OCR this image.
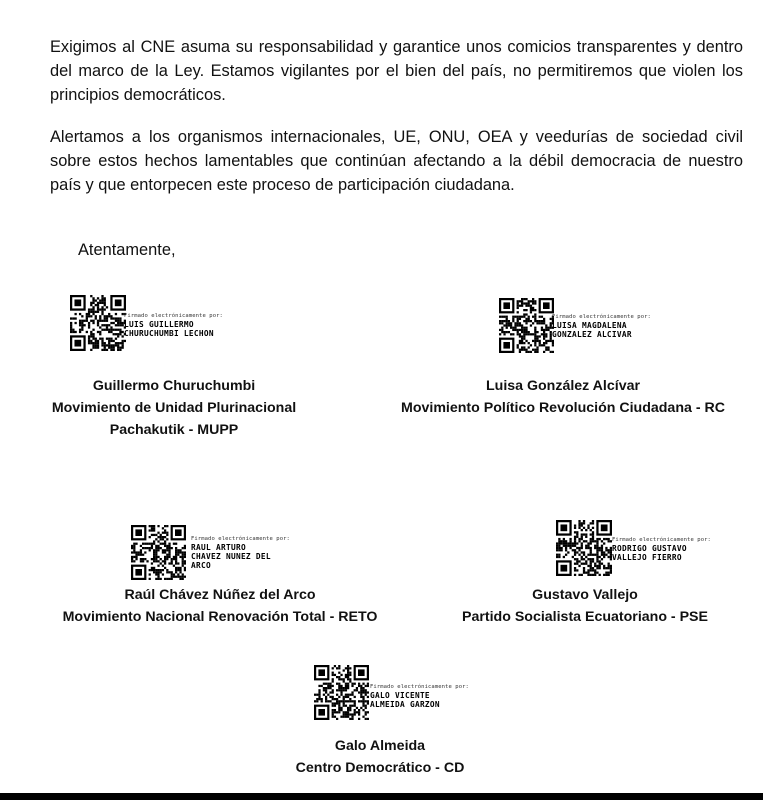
Exigimos al CNE asuma su responsabilidad y garantice unos comicios transparentes y dentro del marco de la Ley. Estamos vigilantes por el bien del país, no permitiremos que violen los principios democráticos.

Alertamos a los organismos internacionales, UE, ONU, OEA y veedurías de sociedad civil sobre estos hechos lamentables que continúan afectando a la débil democracia de nuestro país y que entorpecen este proceso de participación ciudadana.

Atentamente,

Firmado electrónicamente por:
LUIS GUILLERMO
CHURUCHUMBI LECHON
Guillermo Churuchumbi
Movimiento de Unidad Plurinacional
Pachakutik - MUPP
Firmado electrónicamente por:
LUISA MAGDALENA
GONZALEZ ALCIVAR
Luisa González Alcívar
Movimiento Político Revolución Ciudadana - RC
Firmado electrónicamente por:
RAUL ARTURO
CHAVEZ NUNEZ DEL
ARCO
Raúl Chávez Núñez del Arco
Movimiento Nacional Renovación Total - RETO
Firmado electrónicamente por:
RODRIGO GUSTAVO
VALLEJO FIERRO
Gustavo Vallejo
Partido Socialista Ecuatoriano - PSE
Firmado electrónicamente por:
GALO VICENTE
ALMEIDA GARZON
Galo Almeida
Centro Democrático - CD
